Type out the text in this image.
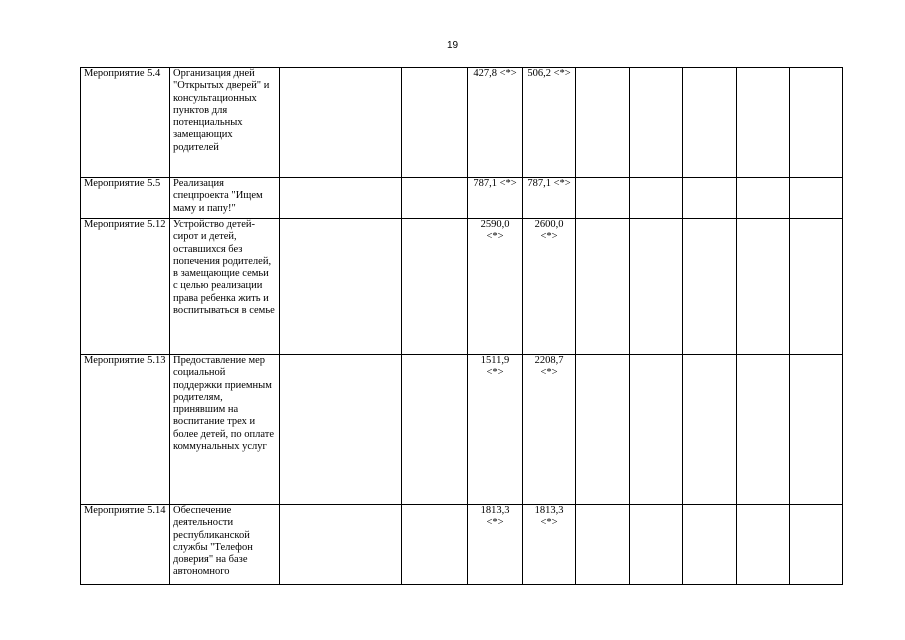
19
Мероприятие 5.4	Организация дней "Открытых дверей" и консультационных пунктов для потенциальных замещающих родителей			427,8 <*>	506,2 <*>					
Мероприятие 5.5	Реализация спецпроекта "Ищем маму и папу!"			787,1 <*>	787,1 <*>					
Мероприятие 5.12	Устройство детей-сирот и детей, оставшихся без попечения родителей, в замещающие семьи с целью реализации права ребенка жить и воспитываться в семье			2590,0 <*>	2600,0 <*>					
Мероприятие 5.13	Предоставление мер социальной поддержки приемным родителям, принявшим на воспитание трех и более детей, по оплате коммунальных услуг			1511,9 <*>	2208,7 <*>					
Мероприятие 5.14	Обеспечение деятельности республиканской службы "Телефон доверия" на базе автономного			1813,3 <*>	1813,3 <*>					
